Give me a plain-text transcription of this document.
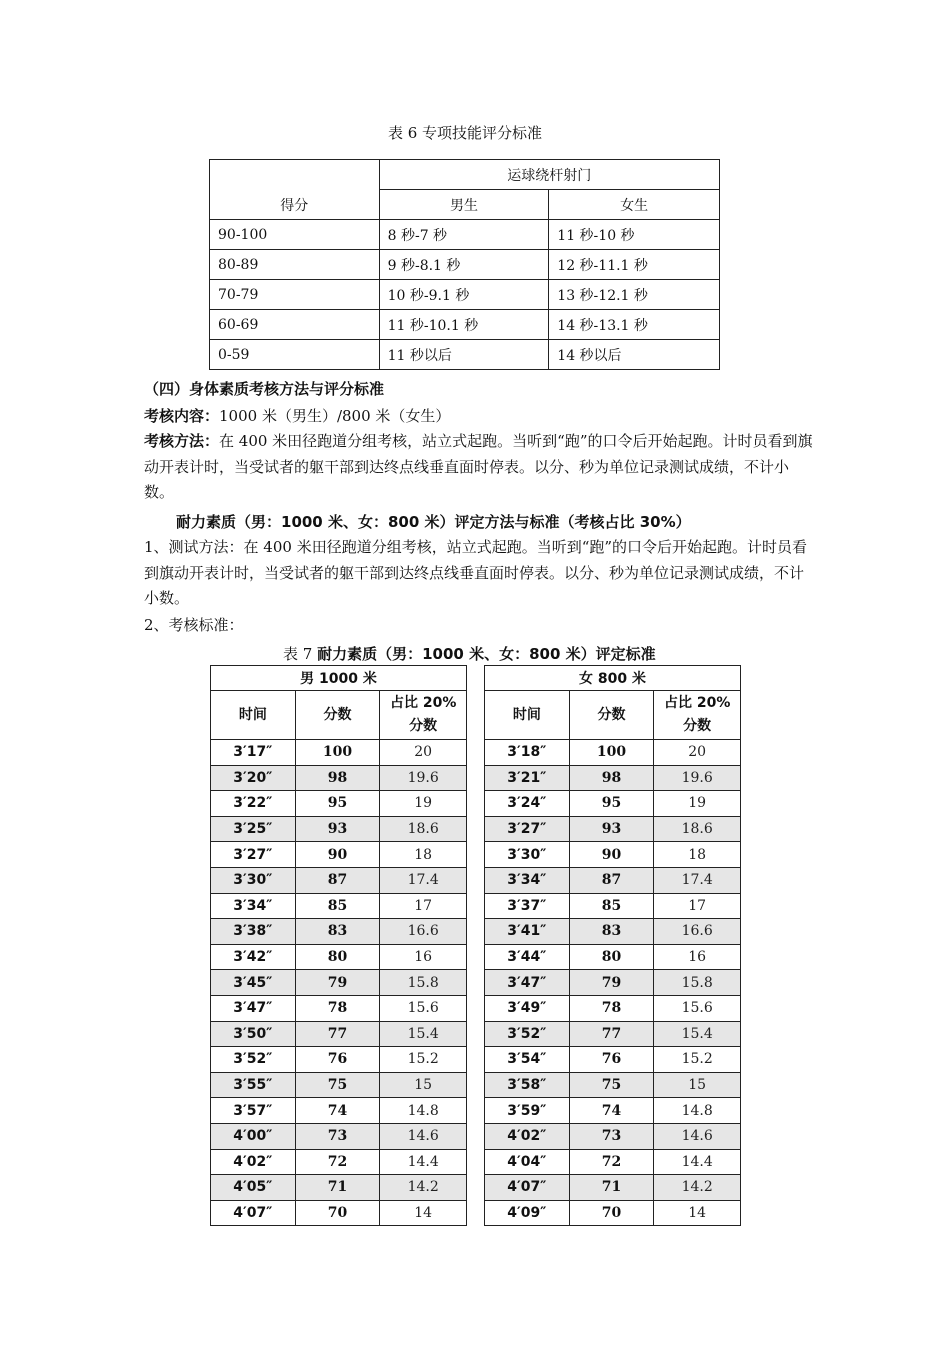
表 6 专项技能评分标准
得分	运球绕杆射门	
	男生	女生
90-100	8 秒-7 秒	11 秒-10 秒
80-89	9 秒-8.1 秒	12 秒-11.1 秒
70-79	10 秒-9.1 秒	13 秒-12.1 秒
60-69	11 秒-10.1 秒	14 秒-13.1 秒
0-59	11 秒以后	14 秒以后
（四）身体素质考核方法与评分标准
考核内容：1000 米（男生）/800 米（女生）
考核方法：在 400 米田径跑道分组考核，站立式起跑。当听到“跑”的口令后开始起跑。计时员看到旗动开表计时，当受试者的躯干部到达终点线垂直面时停表。以分、秒为单位记录测试成绩，不计小数。
耐力素质（男：1000 米、女：800 米）评定方法与标准（考核占比 30%）
1、测试方法：在 400 米田径跑道分组考核，站立式起跑。当听到“跑”的口令后开始起跑。计时员看到旗动开表计时，当受试者的躯干部到达终点线垂直面时停表。以分、秒为单位记录测试成绩，不计小数。
2、考核标准：
表 7 耐力素质（男：1000 米、女：800 米）评定标准
男 1000 米		
时间	分数	占比 20%
分数
3′17″	100	20
3′20″	98	19.6
3′22″	95	19
3′25″	93	18.6
3′27″	90	18
3′30″	87	17.4
3′34″	85	17
3′38″	83	16.6
3′42″	80	16
3′45″	79	15.8
3′47″	78	15.6
3′50″	77	15.4
3′52″	76	15.2
3′55″	75	15
3′57″	74	14.8
4′00″	73	14.6
4′02″	72	14.4
4′05″	71	14.2
4′07″	70	14
女 800 米		
时间	分数	占比 20%
分数
3′18″	100	20
3′21″	98	19.6
3′24″	95	19
3′27″	93	18.6
3′30″	90	18
3′34″	87	17.4
3′37″	85	17
3′41″	83	16.6
3′44″	80	16
3′47″	79	15.8
3′49″	78	15.6
3′52″	77	15.4
3′54″	76	15.2
3′58″	75	15
3′59″	74	14.8
4′02″	73	14.6
4′04″	72	14.4
4′07″	71	14.2
4′09″	70	14
